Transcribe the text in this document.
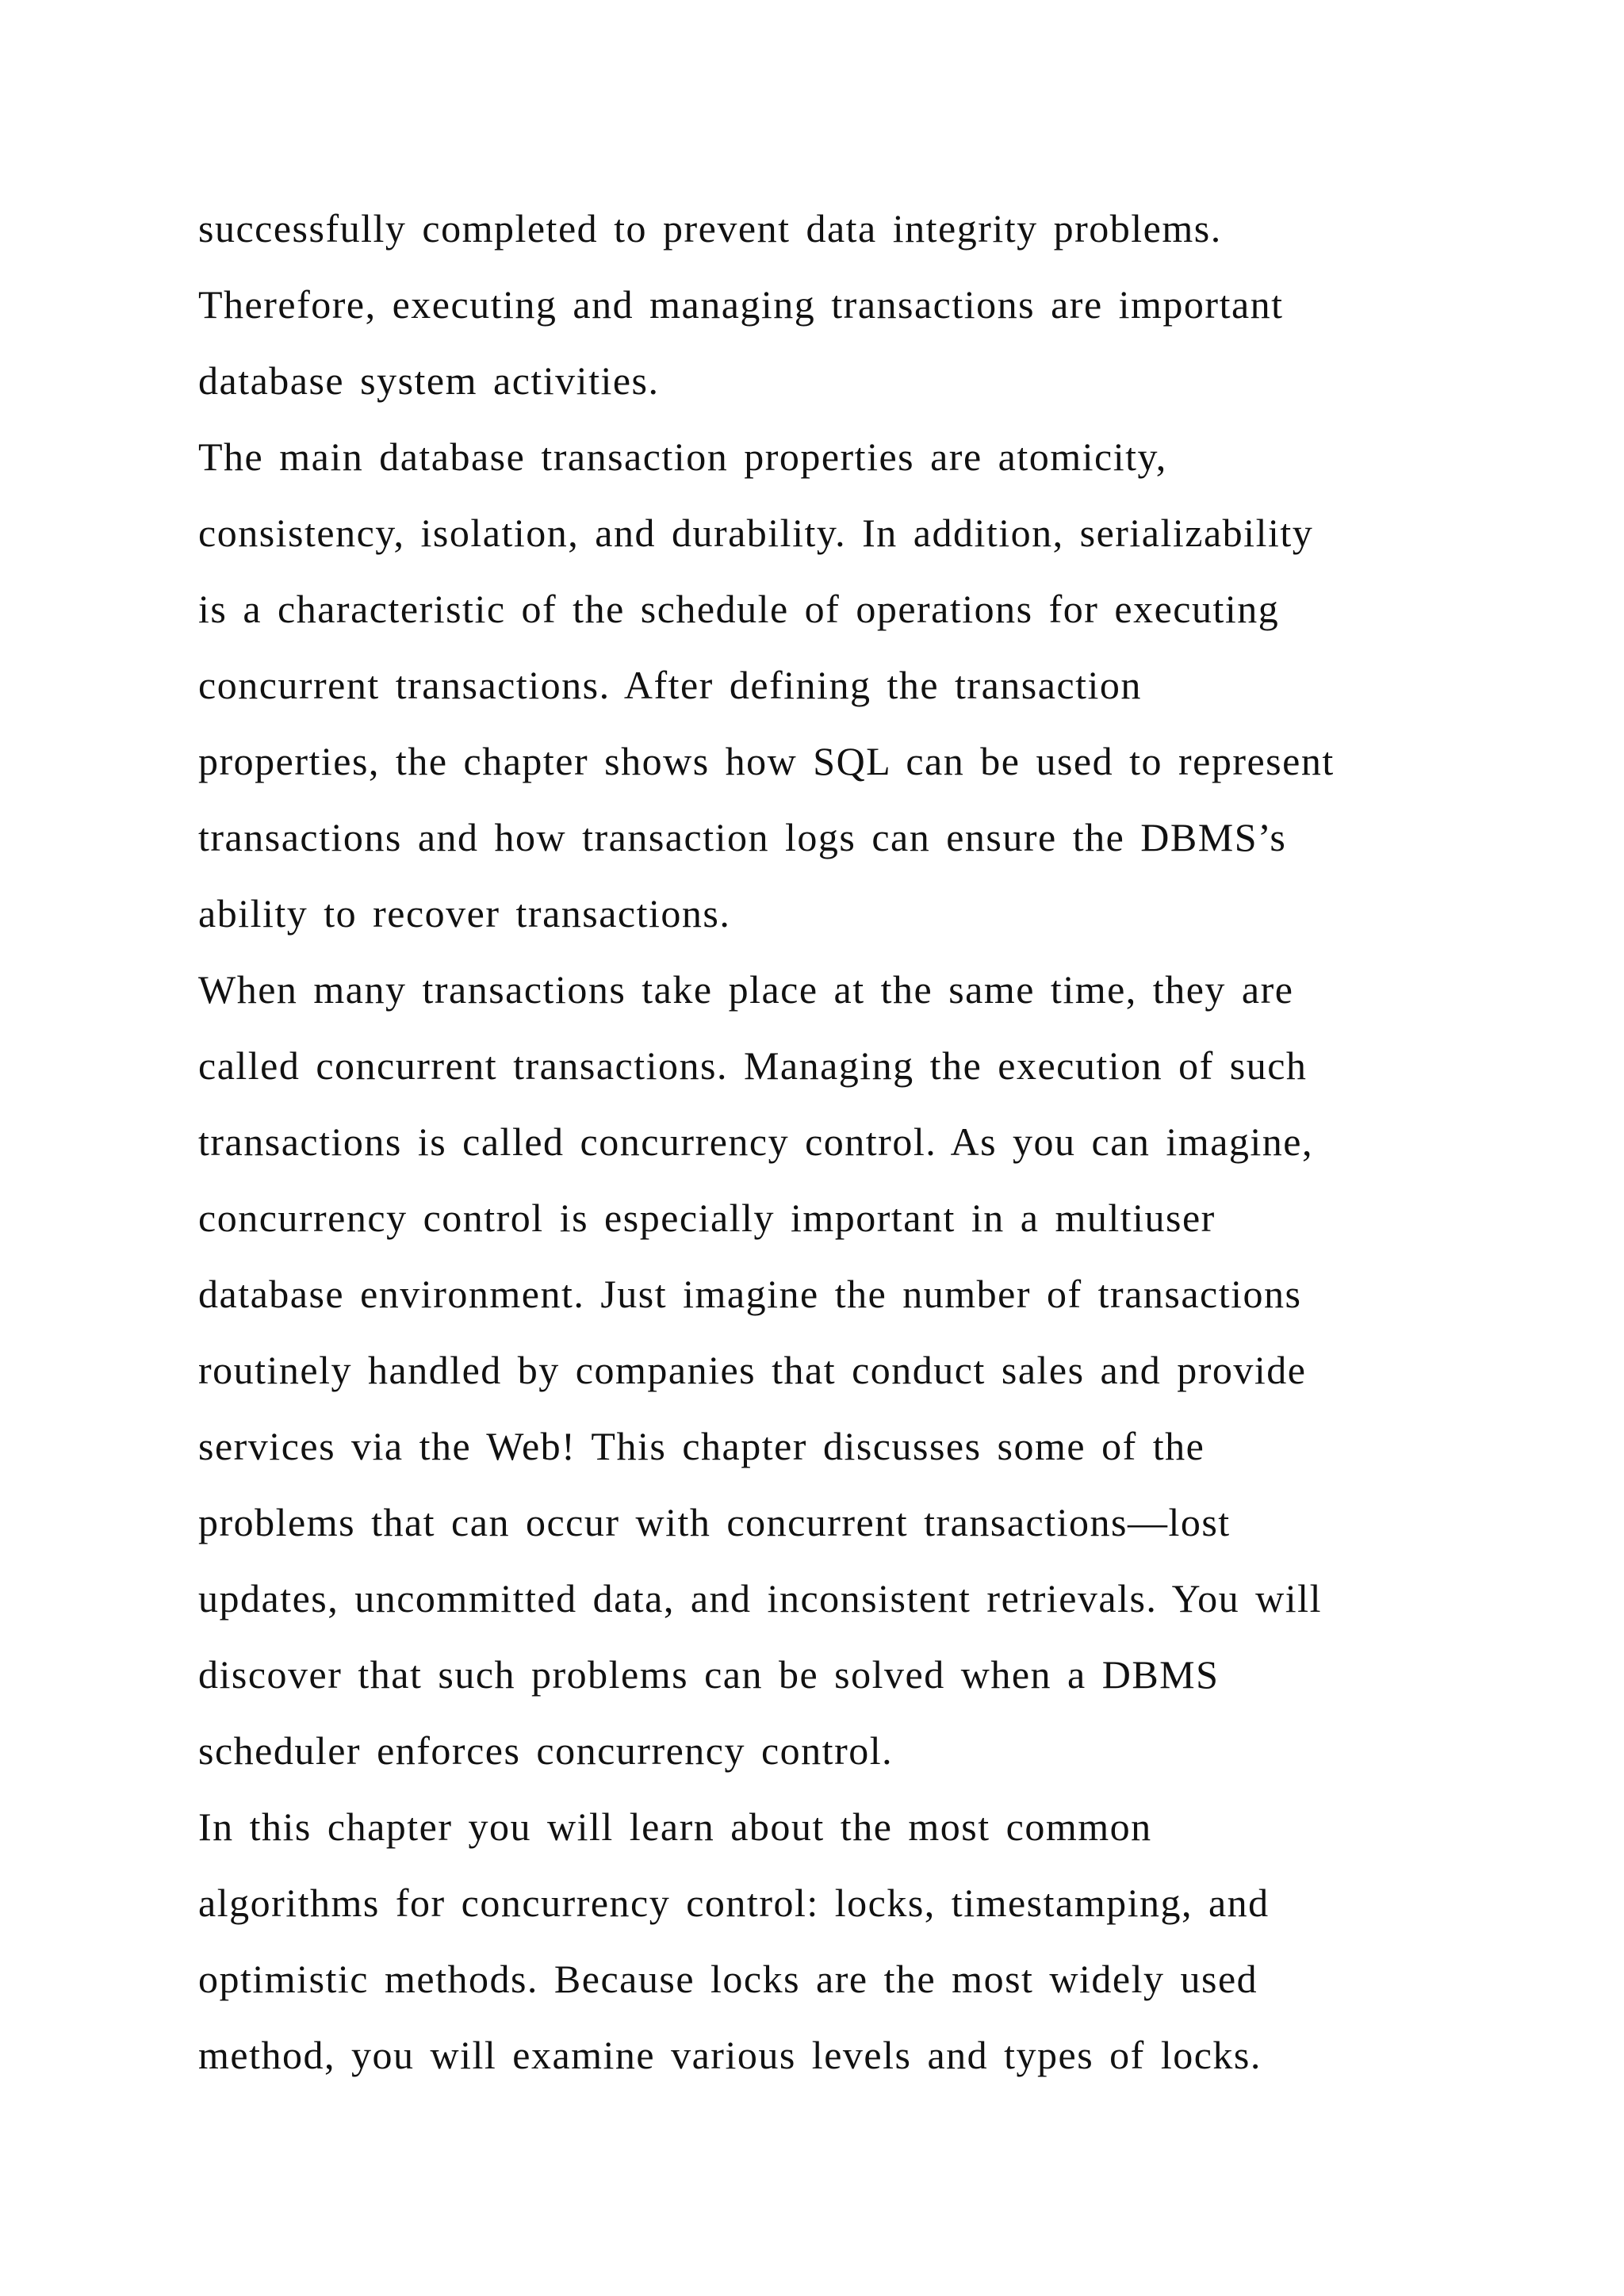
successfully completed to prevent data integrity problems.
Therefore, executing and managing transactions are important
database system activities.
The main database transaction properties are atomicity,
consistency, isolation, and durability. In addition, serializability
is a characteristic of the schedule of operations for executing
concurrent transactions. After defining the transaction
properties, the chapter shows how SQL can be used to represent
transactions and how transaction logs can ensure the DBMS’s
ability to recover transactions.
When many transactions take place at the same time, they are
called concurrent transactions. Managing the execution of such
transactions is called concurrency control. As you can imagine,
concurrency control is especially important in a multiuser
database environment. Just imagine the number of transactions
routinely handled by companies that conduct sales and provide
services via the Web! This chapter discusses some of the
problems that can occur with concurrent transactions—lost
updates, uncommitted data, and inconsistent retrievals. You will
discover that such problems can be solved when a DBMS
scheduler enforces concurrency control.
In this chapter you will learn about the most common
algorithms for concurrency control: locks, timestamping, and
optimistic methods. Because locks are the most widely used
method, you will examine various levels and types of locks.
